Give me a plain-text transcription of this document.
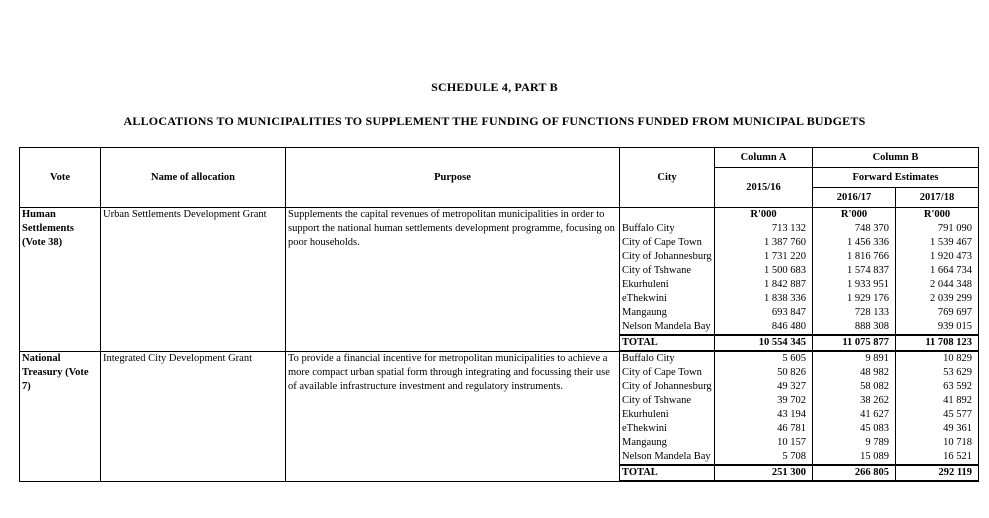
SCHEDULE 4, PART B
ALLOCATIONS TO MUNICIPALITIES TO SUPPLEMENT THE FUNDING OF FUNCTIONS FUNDED FROM MUNICIPAL BUDGETS
Vote	Name of allocation	Purpose	City	Column A	Column B	
				2015/16	Forward Estimates	
					2016/17	2017/18
Human Settlements (Vote 38)	Urban Settlements Development Grant	Supplements the capital revenues of metropolitan municipalities in order to support the national human settlements development programme, focusing on poor households.		R'000	R'000	R'000
			Buffalo City	713 132	748 370	791 090
			City of Cape Town	1 387 760	1 456 336	1 539 467
			City of Johannesburg	1 731 220	1 816 766	1 920 473
			City of Tshwane	1 500 683	1 574 837	1 664 734
			Ekurhuleni	1 842 887	1 933 951	2 044 348
			eThekwini	1 838 336	1 929 176	2 039 299
			Mangaung	693 847	728 133	769 697
			Nelson Mandela Bay	846 480	888 308	939 015
			TOTAL	10 554 345	11 075 877	11 708 123
National Treasury (Vote 7)	Integrated City Development Grant	To provide a financial incentive for metropolitan municipalities to achieve a more compact urban spatial form through integrating and focussing their use of available infrastructure investment and regulatory instruments.				
			Buffalo City	5 605	9 891	10 829
			City of Cape Town	50 826	48 982	53 629
			City of Johannesburg	49 327	58 082	63 592
			City of Tshwane	39 702	38 262	41 892
			Ekurhuleni	43 194	41 627	45 577
			eThekwini	46 781	45 083	49 361
			Mangaung	10 157	9 789	10 718
			Nelson Mandela Bay	5 708	15 089	16 521
			TOTAL	251 300	266 805	292 119
